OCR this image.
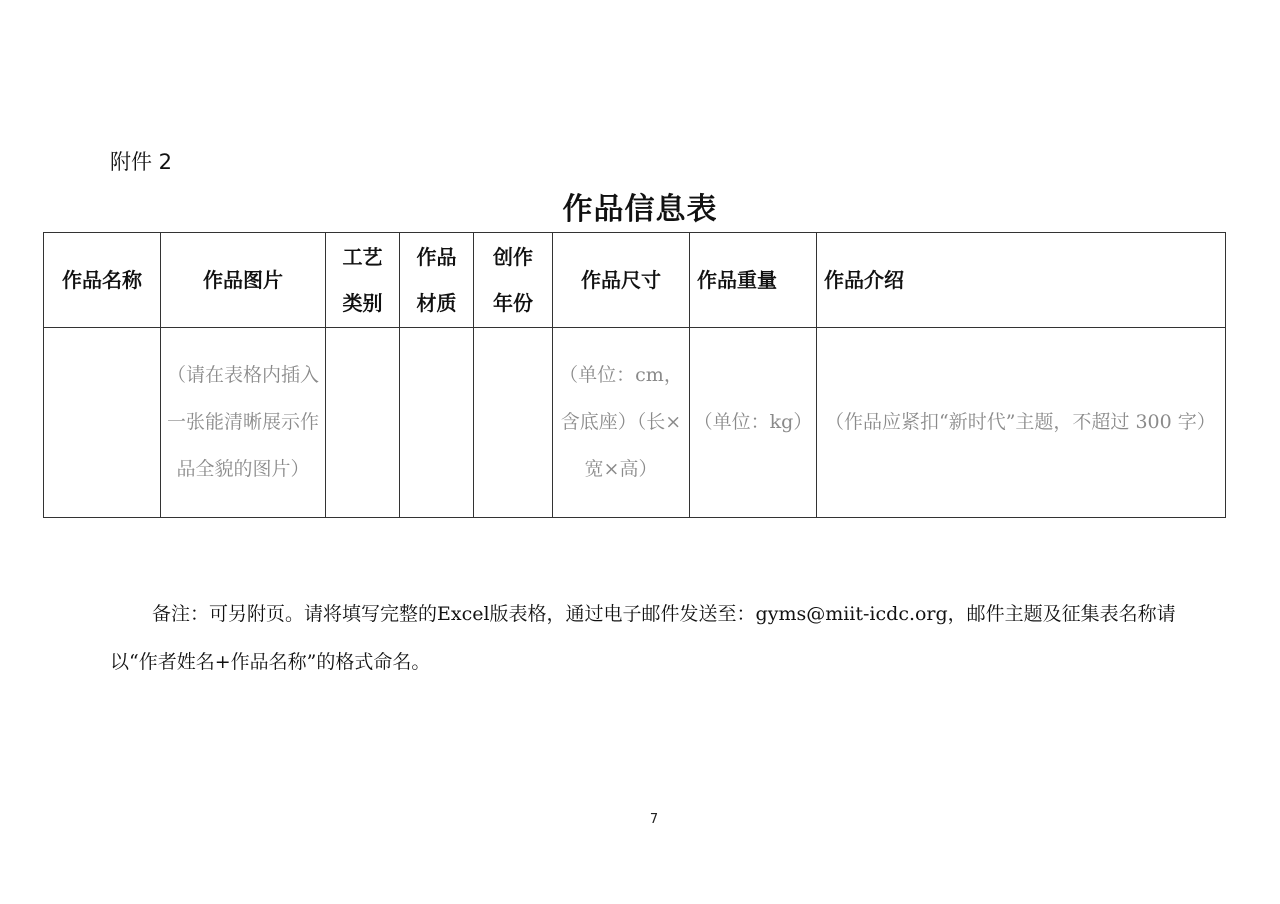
附件 2
作品信息表
作品名称	作品图片	工艺类别	作品材质	创作年份	作品尺寸	作品重量	作品介绍
	（请在表格内插入一张能清晰展示作品全貌的图片）				（单位：cm，含底座）（长×宽×高）	（单位：kg）	（作品应紧扣“新时代”主题，不超过 300 字）
备注：可另附页。请将填写完整的Excel版表格，通过电子邮件发送至：gyms@miit-icdc.org，邮件主题及征集表名称请以“作者姓名+作品名称”的格式命名。
7
